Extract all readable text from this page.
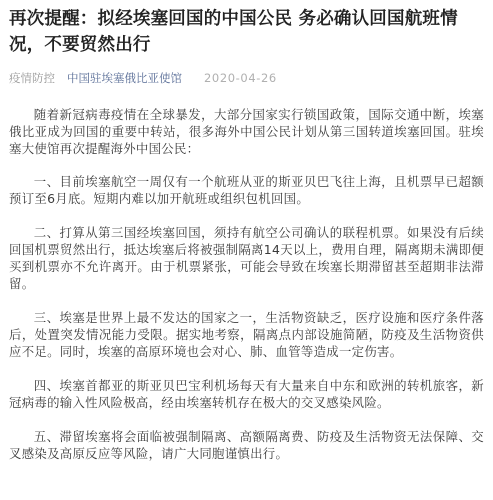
再次提醒：拟经埃塞回国的中国公民 务必确认回国航班情况，不要贸然出行
疫情防控 中国驻埃塞俄比亚使馆 2020-04-26

随着新冠病毒疫情在全球暴发，大部分国家实行锁国政策，国际交通中断，埃塞俄比亚成为回国的重要中转站，很多海外中国公民计划从第三国转道埃塞回国。驻埃塞大使馆再次提醒海外中国公民：

一、目前埃塞航空一周仅有一个航班从亚的斯亚贝巴飞往上海，且机票早已超额预订至6月底。短期内难以加开航班或组织包机回国。

二、打算从第三国经埃塞回国，须持有航空公司确认的联程机票。如果没有后续回国机票贸然出行，抵达埃塞后将被强制隔离14天以上，费用自理，隔离期未满即便买到机票亦不允许离开。由于机票紧张，可能会导致在埃塞长期滞留甚至超期非法滞留。

三、埃塞是世界上最不发达的国家之一，生活物资缺乏，医疗设施和医疗条件落后，处置突发情况能力受限。据实地考察，隔离点内部设施简陋，防疫及生活物资供应不足。同时，埃塞的高原环境也会对心、肺、血管等造成一定伤害。

四、埃塞首都亚的斯亚贝巴宝利机场每天有大量来自中东和欧洲的转机旅客，新冠病毒的输入性风险极高，经由埃塞转机存在极大的交叉感染风险。

五、滞留埃塞将会面临被强制隔离、高额隔离费、防疫及生活物资无法保障、交叉感染及高原反应等风险，请广大同胞谨慎出行。
